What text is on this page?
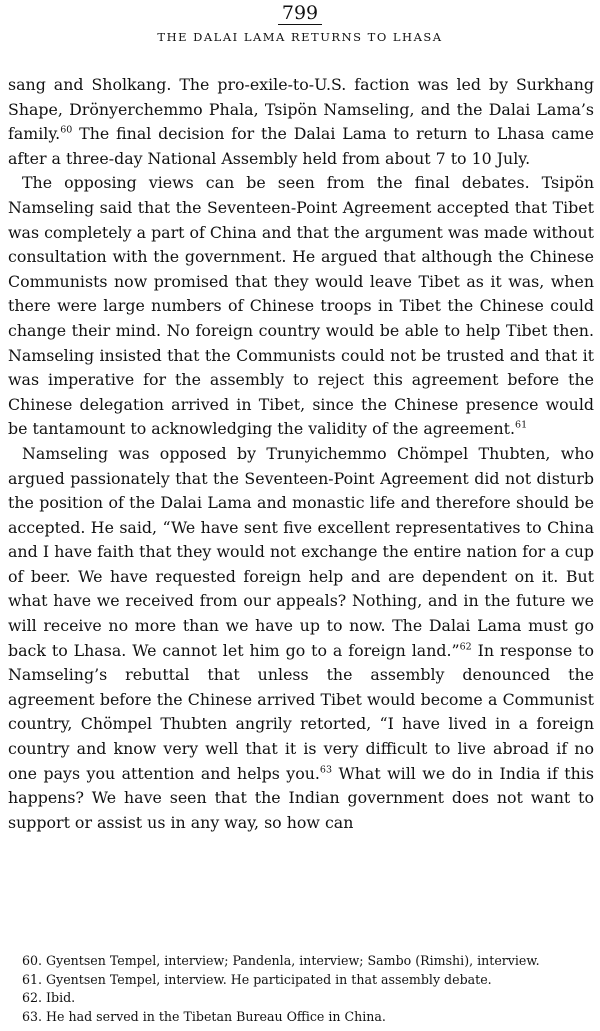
799
THE DALAI LAMA RETURNS TO LHASA

sang and Sholkang. The pro-exile-to-U.S. faction was led by Surkhang Shape, Drönyerchemmo Phala, Tsipön Namseling, and the Dalai Lama’s family.$^{60}$ The final decision for the Dalai Lama to return to Lhasa came after a three-day National Assembly held from about 7 to 10 July.

The opposing views can be seen from the final debates. Tsipön Namseling said that the Seventeen-Point Agreement accepted that Tibet was completely a part of China and that the argument was made without consultation with the government. He argued that although the Chinese Communists now promised that they would leave Tibet as it was, when there were large numbers of Chinese troops in Tibet the Chinese could change their mind. No foreign country would be able to help Tibet then. Namseling insisted that the Communists could not be trusted and that it was imperative for the assembly to reject this agreement before the Chinese delegation arrived in Tibet, since the Chinese presence would be tantamount to acknowledging the validity of the agreement.$^{61}$

Namseling was opposed by Trunyichemmo Chömpel Thubten, who argued passionately that the Seventeen-Point Agreement did not disturb the position of the Dalai Lama and monastic life and therefore should be accepted. He said, “We have sent five excellent representatives to China and I have faith that they would not exchange the entire nation for a cup of beer. We have requested foreign help and are dependent on it. But what have we received from our appeals? Nothing, and in the future we will receive no more than we have up to now. The Dalai Lama must go back to Lhasa. We cannot let him go to a foreign land.”$^{62}$ In response to Namseling’s rebuttal that unless the assembly denounced the agreement before the Chinese arrived Tibet would become a Communist country, Chömpel Thubten angrily retorted, “I have lived in a foreign country and know very well that it is very difficult to live abroad if no one pays you attention and helps you.$^{63}$ What will we do in India if this happens? We have seen that the Indian government does not want to support or assist us in any way, so how can

60. Gyentsen Tempel, interview; Pandenla, interview; Sambo (Rimshi), interview.
61. Gyentsen Tempel, interview. He participated in that assembly debate.
62. Ibid.
63. He had served in the Tibetan Bureau Office in China.
